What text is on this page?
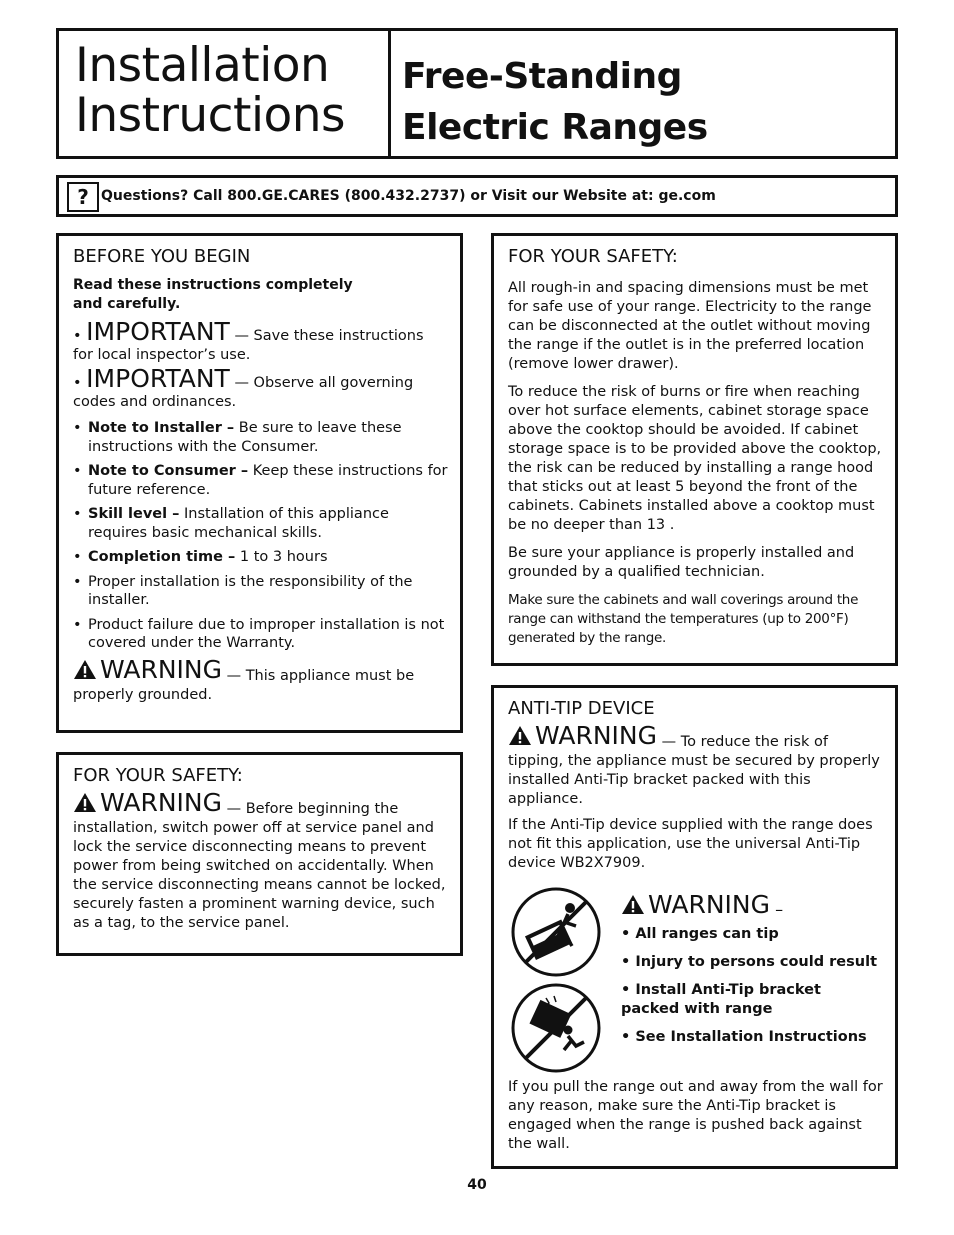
Installation
Instructions
Free-Standing
Electric Ranges
? Questions? Call 800.GE.CARES (800.432.2737) or Visit our Website at: ge.com
BEFORE YOU BEGIN
Read these instructions completely and carefully.
• IMPORTANT — Save these instructions for local inspector’s use.
• IMPORTANT — Observe all governing codes and ordinances.
• Note to Installer – Be sure to leave these instructions with the Consumer.
• Note to Consumer – Keep these instructions for future reference.
• Skill level – Installation of this appliance requires basic mechanical skills.
• Completion time – 1 to 3 hours
• Proper installation is the responsibility of the installer.
• Product failure due to improper installation is not covered under the Warranty.
WARNING — This appliance must be properly grounded.
FOR YOUR SAFETY:
WARNING — Before beginning the installation, switch power off at service panel and lock the service disconnecting means to prevent power from being switched on accidentally. When the service disconnecting means cannot be locked, securely fasten a prominent warning device, such as a tag, to the service panel.
FOR YOUR SAFETY:

All rough-in and spacing dimensions must be met for safe use of your range. Electricity to the range can be disconnected at the outlet without moving the range if the outlet is in the preferred location (remove lower drawer).

To reduce the risk of burns or fire when reaching over hot surface elements, cabinet storage space above the cooktop should be avoided. If cabinet storage space is to be provided above the cooktop, the risk can be reduced by installing a range hood that sticks out at least 5 beyond the front of the cabinets. Cabinets installed above a cooktop must be no deeper than 13 .

Be sure your appliance is properly installed and grounded by a qualified technician.

Make sure the cabinets and wall coverings around the range can withstand the temperatures (up to 200°F) generated by the range.

ANTI-TIP DEVICE
WARNING — To reduce the risk of tipping, the appliance must be secured by properly installed Anti-Tip bracket packed with this appliance.

If the Anti-Tip device supplied with the range does not fit this application, use the universal Anti-Tip device WB2X7909.

WARNING –
• All ranges can tip
• Injury to persons could result
• Install Anti-Tip bracket packed with range
• See Installation Instructions

If you pull the range out and away from the wall for any reason, make sure the Anti-Tip bracket is engaged when the range is pushed back against the wall.

40
